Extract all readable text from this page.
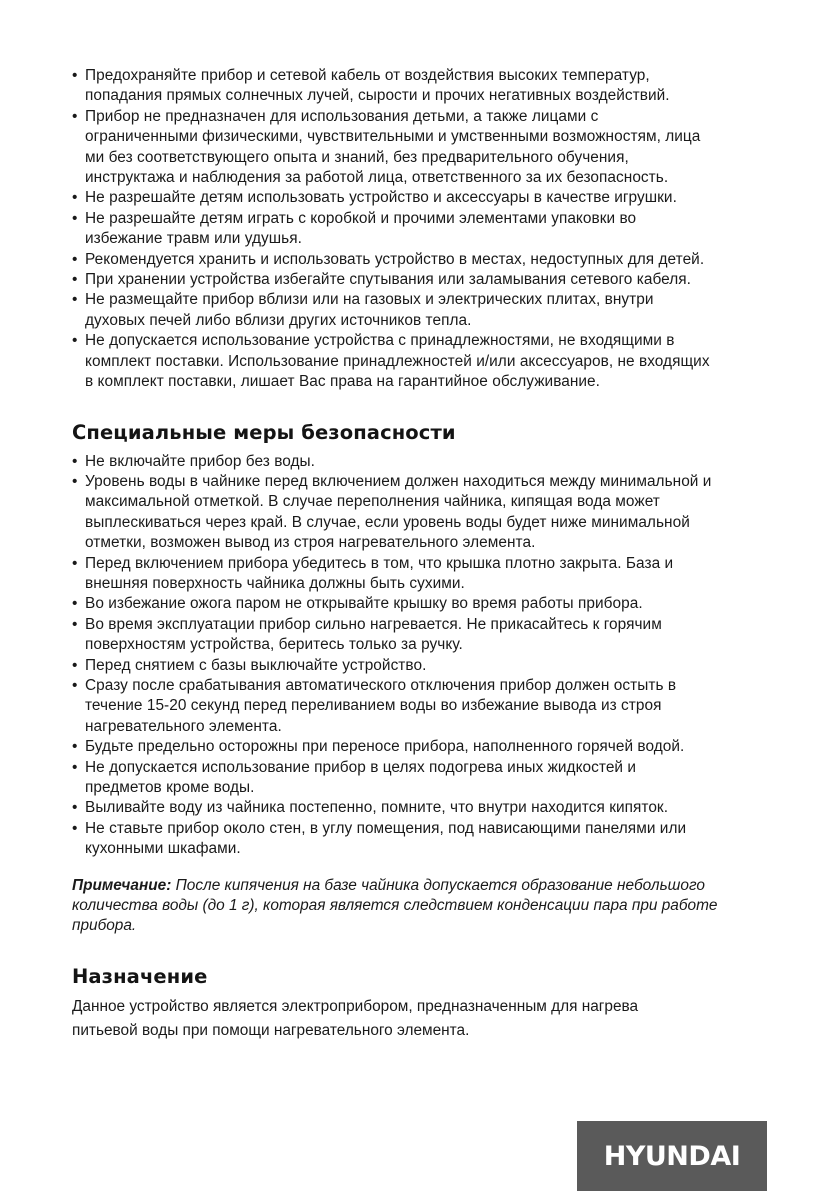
• Предохраняйте прибор и сетевой кабель от воздействия высоких температур,
попадания прямых солнечных лучей, сырости и прочих негативных воздействий.
• Прибор не предназначен для использования детьми, а также лицами с
ограниченными физическими, чувствительными и умственными возможностям, лица
ми без соответствующего опыта и знаний, без предварительного обучения,
инструктажа и наблюдения за работой лица, ответственного за их безопасность.
• Не разрешайте детям использовать устройство и аксессуары в качестве игрушки.
• Не разрешайте детям играть с коробкой и прочими элементами упаковки во
избежание травм или удушья.
• Рекомендуется хранить и использовать устройство в местах, недоступных для детей.
• При хранении устройства избегайте спутывания или заламывания сетевого кабеля.
• Не размещайте прибор вблизи или на газовых и электрических плитах, внутри
духовых печей либо вблизи других источников тепла.
• Не допускается использование устройства с принадлежностями, не входящими в
комплект поставки. Использование принадлежностей и/или аксессуаров, не входящих
в комплект поставки, лишает Вас права на гарантийное обслуживание.
Специальные меры безопасности
• Не включайте прибор без воды.
• Уровень воды в чайнике перед включением должен находиться между минимальной и
максимальной отметкой. В случае переполнения чайника, кипящая вода может
выплескиваться через край. В случае, если уровень воды будет ниже минимальной
отметки, возможен вывод из строя нагревательного элемента.
• Перед включением прибора убедитесь в том, что крышка плотно закрыта. База и
внешняя поверхность чайника должны быть сухими.
• Во избежание ожога паром не открывайте крышку во время работы прибора.
• Во время эксплуатации прибор сильно нагревается. Не прикасайтесь к горячим
поверхностям устройства, беритесь только за ручку.
• Перед снятием с базы выключайте устройство.
• Сразу после срабатывания автоматического отключения прибор должен остыть в
течение 15-20 секунд перед переливанием воды во избежание вывода из строя
нагревательного элемента.
• Будьте предельно осторожны при переносе прибора, наполненного горячей водой.
• Не допускается использование прибор в целях подогрева иных жидкостей и
предметов кроме воды.
• Выливайте воду из чайника постепенно, помните, что внутри находится кипяток.
• Не ставьте прибор около стен, в углу помещения, под нависающими панелями или
кухонными шкафами.
Примечание: После кипячения на базе чайника допускается образование небольшого
количества воды (до 1 г), которая является следствием конденсации пара при работе
прибора.
Назначение

Данное устройство является электроприбором, предназначенным для нагрева
питьевой воды при помощи нагревательного элемента.

HYUNDAI
